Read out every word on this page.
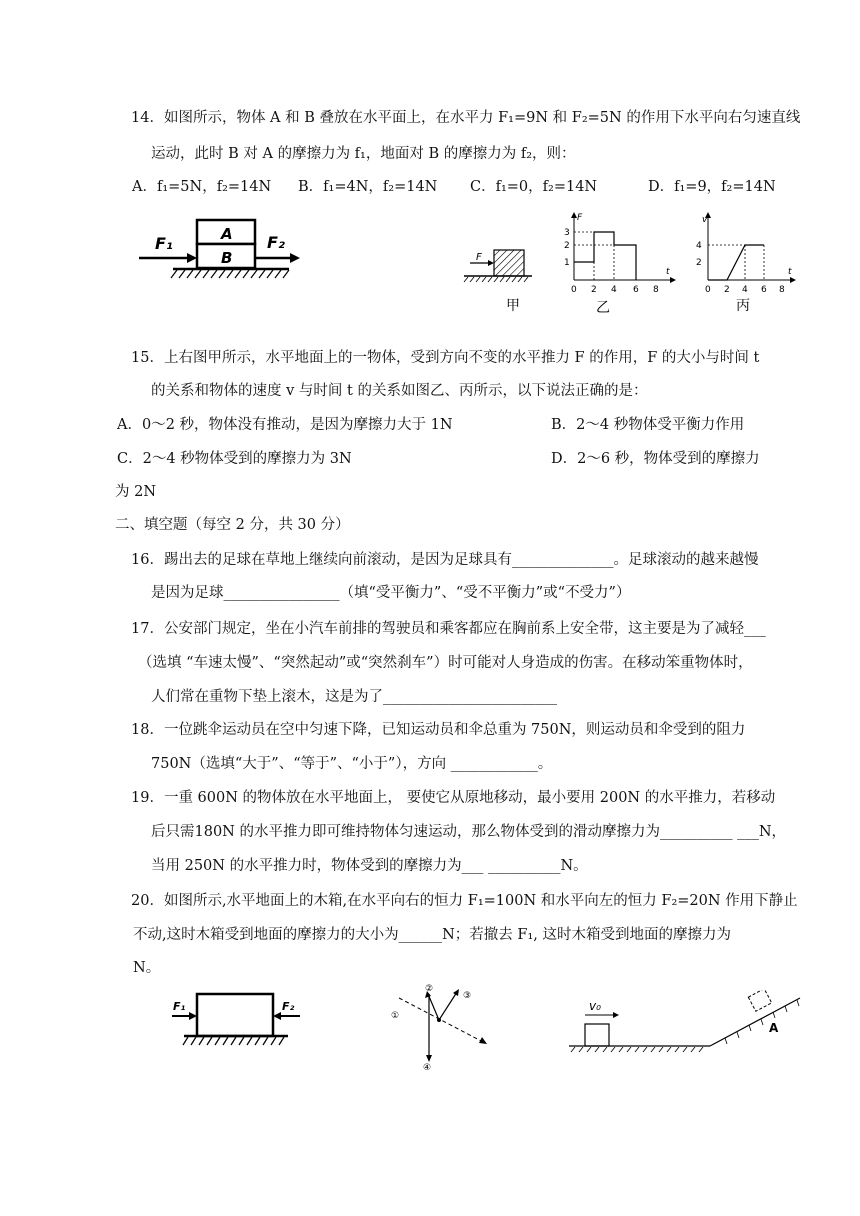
14．如图所示，物体 A 和 B 叠放在水平面上，在水平力 F₁=9N 和 F₂=5N 的作用下水平向右匀速直线
运动，此时 B 对 A 的摩擦力为 f₁，地面对 B 的摩擦力为 f₂，则：
A．f₁=5N，f₂=14N B．f₁=4N，f₂=14N C．f₁=0，f₂=14N	D．f₁=9，f₂=14N
F₁	F₂
A
B	F
甲
F
t
3
2
1
0 2 4 6 8
乙
v
t
4
2
0 2 4 6 8
丙
15．上右图甲所示，水平地面上的一物体，受到方向不变的水平推力 F 的作用，F 的大小与时间 t
的关系和物体的速度 v 与时间 t 的关系如图乙、丙所示，以下说法正确的是：
A．0～2 秒，物体没有推动，是因为摩擦力大于 1N	B．2～4 秒物体受平衡力作用
C．2～4 秒物体受到的摩擦力为 3N	D．2～6 秒，物体受到的摩擦力
为 2N
二、填空题（每空 2 分，共 30 分）
16．踢出去的足球在草地上继续向前滚动，是因为足球具有______________。足球滚动的越来越慢
是因为足球________________（填“受平衡力”、“受不平衡力”或“不受力”）
17．公安部门规定，坐在小汽车前排的驾驶员和乘客都应在胸前系上安全带，这主要是为了减轻___
（选填 “车速太慢”、“突然起动”或“突然刹车”）时可能对人身造成的伤害。在移动笨重物体时，
人们常在重物下垫上滚木，这是为了________________________
18．一位跳伞运动员在空中匀速下降，已知运动员和伞总重为 750N，则运动员和伞受到的阻力
750N（选填“大于”、“等于”、“小于”），方向 ____________。
19．一重 600N 的物体放在水平地面上， 要使它从原地移动，最小要用 200N 的水平推力，若移动
后只需180N 的水平推力即可维持物体匀速运动，那么物体受到的滑动摩擦力为__________ ___N，
当用 250N 的水平推力时，物体受到的摩擦力为___ __________N。
20．如图所示,水平地面上的木箱,在水平向右的恒力 F₁=100N 和水平向左的恒力 F₂=20N 作用下静止
不动,这时木箱受到地面的摩擦力的大小为______N；若撤去 F₁, 这时木箱受到地面的摩擦力为
N。
F₁	F₂
①
②
③
④
v₀
A
